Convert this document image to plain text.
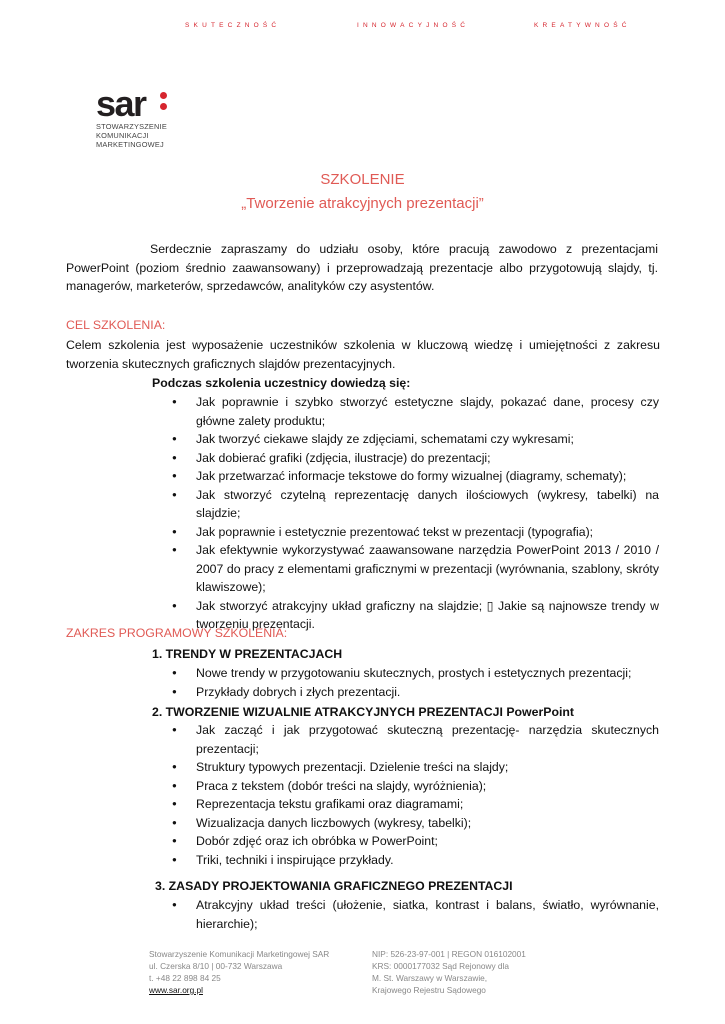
SKUTECZNOŚĆ	INNOWACYJNOŚĆ	KREATYWNOŚĆ
sar
STOWARZYSZENIE
KOMUNIKACJI
MARKETINGOWEJ
SZKOLENIE
„Tworzenie atrakcyjnych prezentacji”
Serdecznie zapraszamy do udziału osoby, które pracują zawodowo z prezentacjami PowerPoint (poziom średnio zaawansowany) i przeprowadzają prezentacje albo przygotowują slajdy, tj. managerów, marketerów, sprzedawców, analityków czy asystentów.
CEL SZKOLENIA:
Celem szkolenia jest wyposażenie uczestników szkolenia w kluczową wiedzę i umiejętności z zakresu tworzenia skutecznych graficznych slajdów prezentacyjnych.
Podczas szkolenia uczestnicy dowiedzą się:
● Jak poprawnie i szybko stworzyć estetyczne slajdy, pokazać dane, procesy czy główne zalety produktu;
● Jak tworzyć ciekawe slajdy ze zdjęciami, schematami czy wykresami;
● Jak dobierać grafiki (zdjęcia, ilustracje) do prezentacji;
● Jak przetwarzać informacje tekstowe do formy wizualnej (diagramy, schematy);
● Jak stworzyć czytelną reprezentację danych ilościowych (wykresy, tabelki) na slajdzie;
● Jak poprawnie i estetycznie prezentować tekst w prezentacji (typografia);
● Jak efektywnie wykorzystywać zaawansowane narzędzia PowerPoint 2013 / 2010 / 2007 do pracy z elementami graficznymi w prezentacji (wyrównania, szablony, skróty klawiszowe);
● Jak stworzyć atrakcyjny układ graficzny na slajdzie; ▯ Jakie są najnowsze trendy w tworzeniu prezentacji.
ZAKRES PROGRAMOWY SZKOLENIA:
1. TRENDY W PREZENTACJACH
● Nowe trendy w przygotowaniu skutecznych, prostych i estetycznych prezentacji;
● Przykłady dobrych i złych prezentacji.
2. TWORZENIE WIZUALNIE ATRAKCYJNYCH PREZENTACJI PowerPoint
● Jak zacząć i jak przygotować skuteczną prezentację- narzędzia skutecznych prezentacji;
● Struktury typowych prezentacji. Dzielenie treści na slajdy;
● Praca z tekstem (dobór treści na slajdy, wyróżnienia);
● Reprezentacja tekstu grafikami oraz diagramami;
● Wizualizacja danych liczbowych (wykresy, tabelki);
● Dobór zdjęć oraz ich obróbka w PowerPoint;
● Triki, techniki i inspirujące przykłady.
3. ZASADY PROJEKTOWANIA GRAFICZNEGO PREZENTACJI
● Atrakcyjny układ treści (ułożenie, siatka, kontrast i balans, światło, wyrównanie, hierarchie);
Stowarzyszenie Komunikacji Marketingowej SAR
ul. Czerska 8/10 | 00-732 Warszawa
t. +48 22 898 84 25
www.sar.org.pl
NIP: 526-23-97-001 | REGON 016102001
KRS: 0000177032 Sąd Rejonowy dla
M. St. Warszawy w Warszawie,
Krajowego Rejestru Sądowego
